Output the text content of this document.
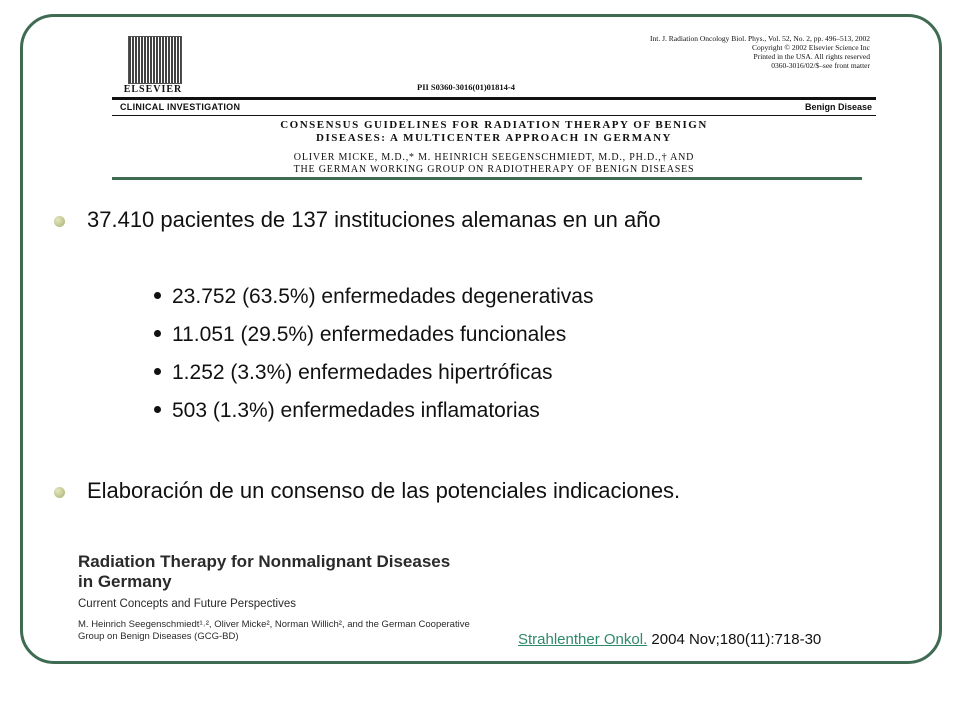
ELSEVIER
Int. J. Radiation Oncology Biol. Phys., Vol. 52, No. 2, pp. 496–513, 2002
Copyright © 2002 Elsevier Science Inc
Printed in the USA. All rights reserved
0360-3016/02/$–see front matter
PII S0360-3016(01)01814-4
CLINICAL INVESTIGATION	Benign Disease
CONSENSUS GUIDELINES FOR RADIATION THERAPY OF BENIGN
DISEASES: A MULTICENTER APPROACH IN GERMANY
OLIVER MICKE, M.D.,* M. HEINRICH SEEGENSCHMIEDT, M.D., PH.D.,† AND
THE GERMAN WORKING GROUP ON RADIOTHERAPY OF BENIGN DISEASES
37.410 pacientes de 137 instituciones alemanas en un año
23.752 (63.5%) enfermedades degenerativas
11.051 (29.5%) enfermedades funcionales
1.252 (3.3%) enfermedades hipertróficas
503 (1.3%) enfermedades inflamatorias
Elaboración de un consenso de las potenciales indicaciones.
Radiation Therapy for Nonmalignant Diseases
in Germany
Current Concepts and Future Perspectives
M. Heinrich Seegenschmiedt¹˒², Oliver Micke², Norman Willich², and the German Cooperative
Group on Benign Diseases (GCG-BD)	Strahlenther Onkol. 2004 Nov;180(11):718-30
